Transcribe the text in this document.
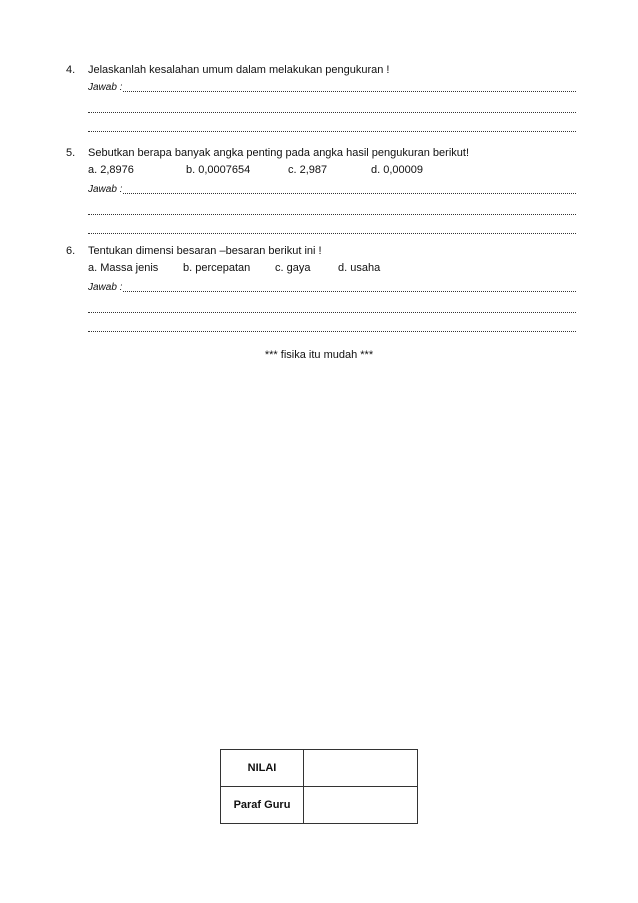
4.	Jelaskanlah kesalahan umum dalam melakukan pengukuran !
Jawab :
5.	Sebutkan berapa banyak angka penting pada angka hasil pengukuran berikut!
a. 2,8976	b. 0,0007654	c. 2,987	d. 0,00009
Jawab :
6.	Tentukan dimensi besaran –besaran berikut ini !
a. Massa jenis b. percepatan c. gaya	d. usaha
Jawab :
*** fisika itu mudah ***
NILAI	
Paraf Guru	
